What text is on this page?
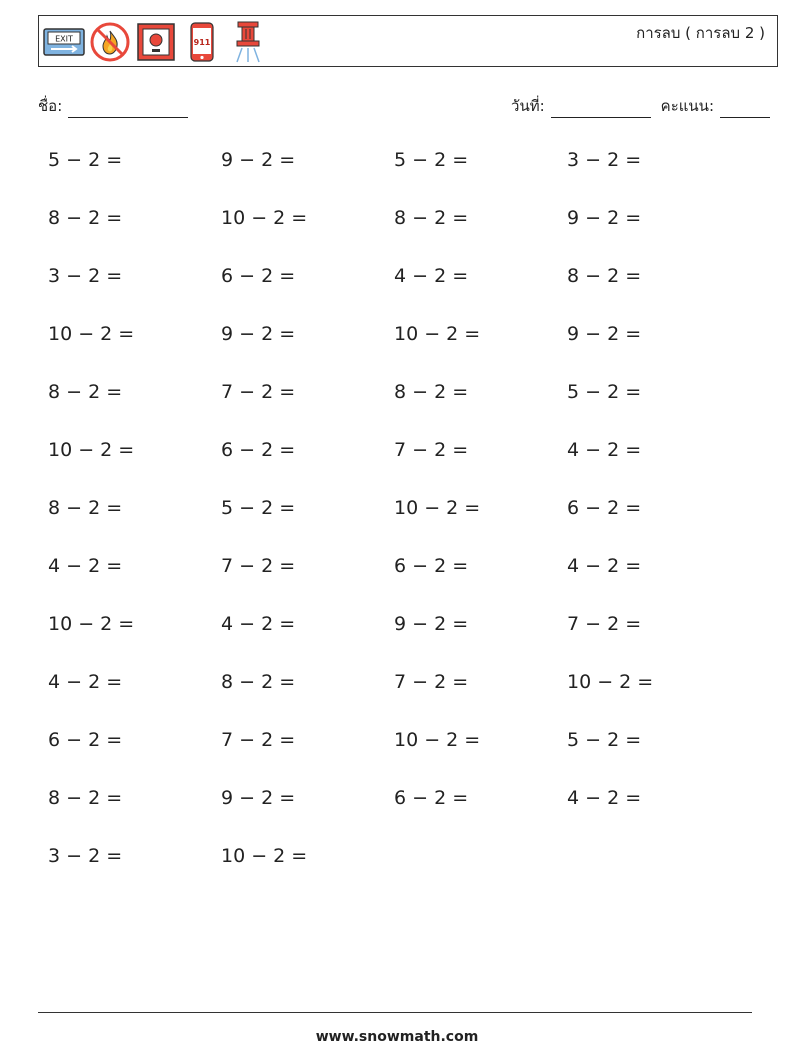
EXIT	911
การลบ ( การลบ 2 )
ชื่อ:	วันที่:	คะแนน:
5 − 2 =	9 − 2 =	5 − 2 =	3 − 2 =
8 − 2 =	10 − 2 =	8 − 2 =	9 − 2 =
3 − 2 =	6 − 2 =	4 − 2 =	8 − 2 =
10 − 2 =	9 − 2 =	10 − 2 =	9 − 2 =
8 − 2 =	7 − 2 =	8 − 2 =	5 − 2 =
10 − 2 =	6 − 2 =	7 − 2 =	4 − 2 =
8 − 2 =	5 − 2 =	10 − 2 =	6 − 2 =
4 − 2 =	7 − 2 =	6 − 2 =	4 − 2 =
10 − 2 =	4 − 2 =	9 − 2 =	7 − 2 =
4 − 2 =	8 − 2 =	7 − 2 =	10 − 2 =
6 − 2 =	7 − 2 =	10 − 2 =	5 − 2 =
8 − 2 =	9 − 2 =	6 − 2 =	4 − 2 =
3 − 2 =	10 − 2 =
www.snowmath.com
